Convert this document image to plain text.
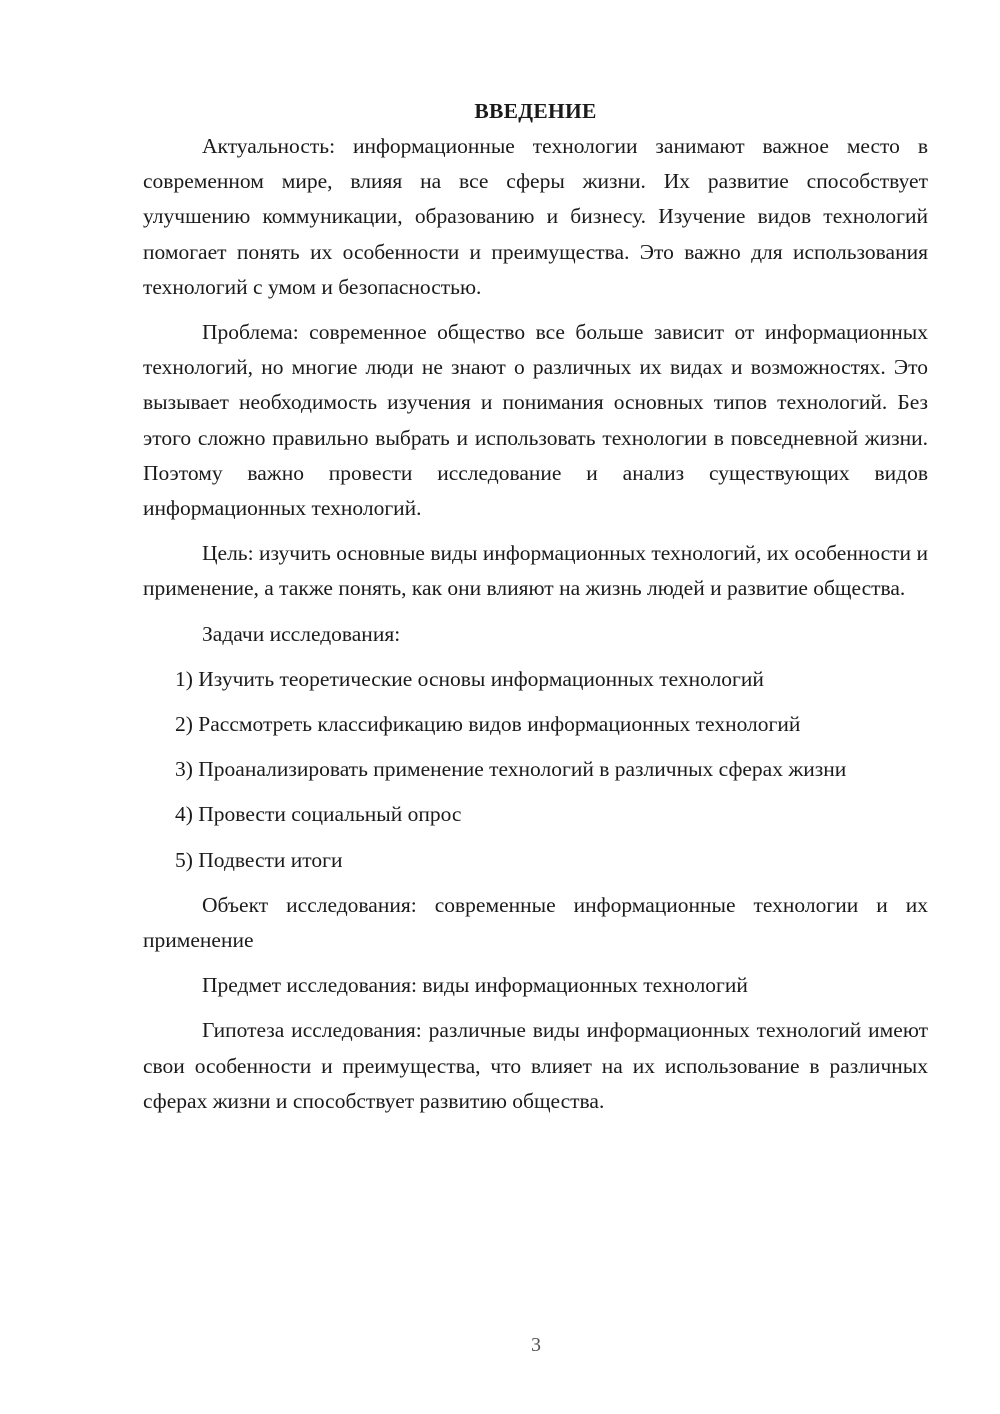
ВВЕДЕНИЕ

Актуальность: информационные технологии занимают важное место в современном мире, влияя на все сферы жизни. Их развитие способствует улучшению коммуникации, образованию и бизнесу. Изучение видов технологий помогает понять их особенности и преимущества. Это важно для использования технологий с умом и безопасностью.

Проблема: современное общество все больше зависит от информационных технологий, но многие люди не знают о различных их видах и возможностях. Это вызывает необходимость изучения и понимания основных типов технологий. Без этого сложно правильно выбрать и использовать технологии в повседневной жизни. Поэтому важно провести исследование и анализ существующих видов информационных технологий.

Цель: изучить основные виды информационных технологий, их особенности и применение, а также понять, как они влияют на жизнь людей и развитие общества.

Задачи исследования:

1) Изучить теоретические основы информационных технологий

2) Рассмотреть классификацию видов информационных технологий

3) Проанализировать применение технологий в различных сферах жизни

4) Провести социальный опрос

5) Подвести итоги

Объект исследования: современные информационные технологии и их применение

Предмет исследования: виды информационных технологий

Гипотеза исследования: различные виды информационных технологий имеют свои особенности и преимущества, что влияет на их использование в различных сферах жизни и способствует развитию общества.

3
